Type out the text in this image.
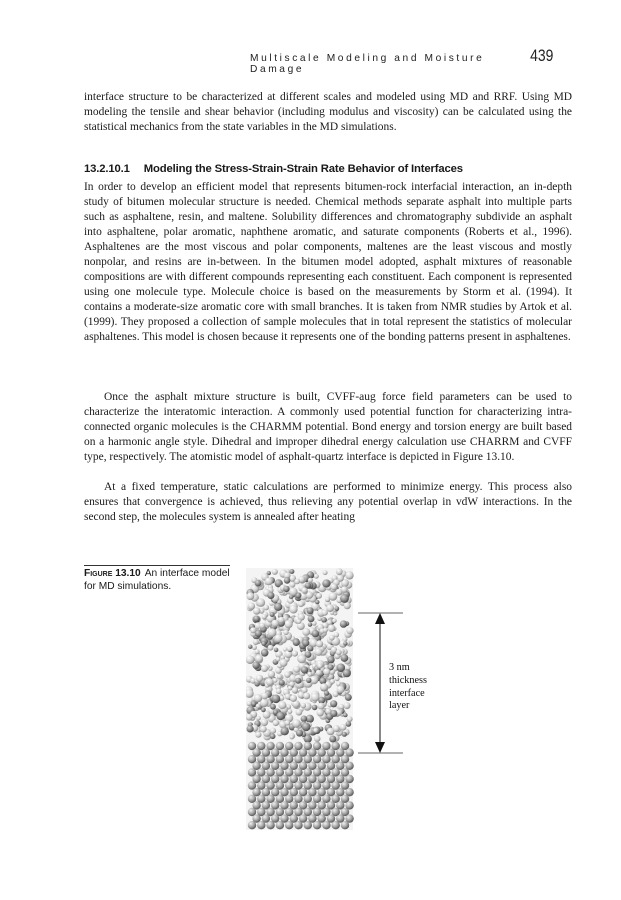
Multiscale Modeling and Moisture Damage
439

interface structure to be characterized at different scales and modeled using MD and RRF. Using MD modeling the tensile and shear behavior (including modulus and viscosity) can be calculated using the statistical mechanics from the state variables in the MD simulations.

13.2.10.1 Modeling the Stress-Strain-Strain Rate Behavior of Interfaces

In order to develop an efficient model that represents bitumen-rock interfacial interaction, an in-depth study of bitumen molecular structure is needed. Chemical methods separate asphalt into multiple parts such as asphaltene, resin, and maltene. Solubility differences and chromatography subdivide an asphalt into asphaltene, polar aromatic, naphthene aromatic, and saturate components (Roberts et al., 1996). Asphaltenes are the most viscous and polar components, maltenes are the least viscous and mostly nonpolar, and resins are in-between. In the bitumen model adopted, asphalt mixtures of reasonable compositions are with different compounds representing each constituent. Each component is represented using one molecule type. Molecule choice is based on the measurements by Storm et al. (1994). It contains a moderate-size aromatic core with small branches. It is taken from NMR studies by Artok et al. (1999). They proposed a collection of sample molecules that in total represent the statistics of molecular asphaltenes. This model is chosen because it represents one of the bonding patterns present in asphaltenes.

Once the asphalt mixture structure is built, CVFF-aug force field parameters can be used to characterize the interatomic interaction. A commonly used potential function for characterizing intra-connected organic molecules is the CHARMM potential. Bond energy and torsion energy are built based on a harmonic angle style. Dihedral and improper dihedral energy calculation use CHARRM and CVFF type, respectively. The atomistic model of asphalt-quartz interface is depicted in Figure 13.10.

At a fixed temperature, static calculations are performed to minimize energy. This process also ensures that convergence is achieved, thus relieving any potential overlap in vdW interactions. In the second step, the molecules system is annealed after heating

Figure 13.10 An interface model for MD simulations.

3 nm
thickness
interface
layer
